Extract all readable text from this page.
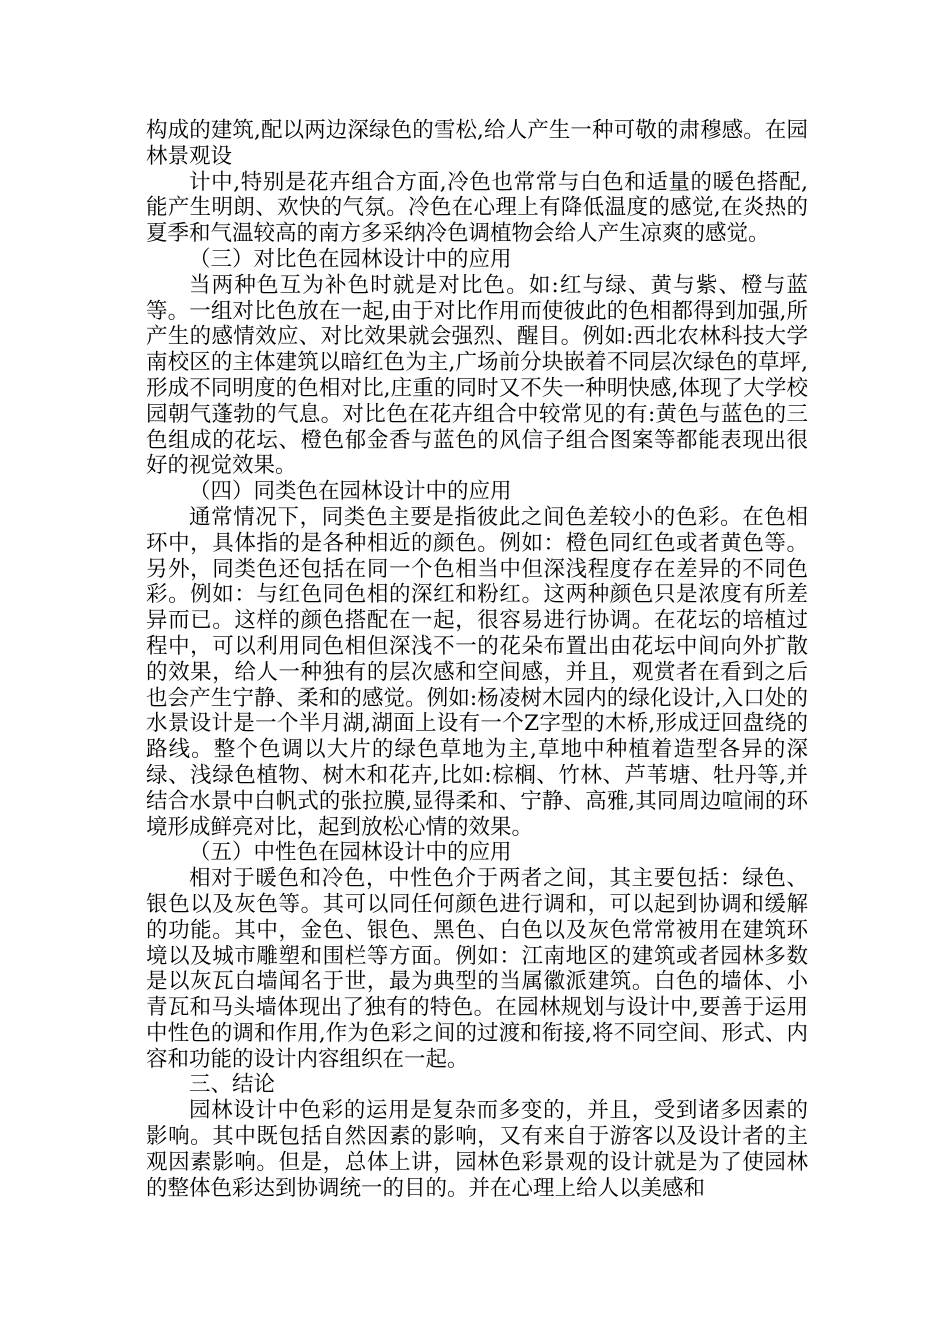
构成的建筑,配以两边深绿色的雪松,给人产生一种可敬的肃穆感。在园林景观设

计中,特别是花卉组合方面,冷色也常常与白色和适量的暖色搭配,能产生明朗、欢快的气氛。冷色在心理上有降低温度的感觉,在炎热的夏季和气温较高的南方多采纳冷色调植物会给人产生凉爽的感觉。

（三）对比色在园林设计中的应用

当两种色互为补色时就是对比色。如:红与绿、黄与紫、橙与蓝等。一组对比色放在一起,由于对比作用而使彼此的色相都得到加强,所产生的感情效应、对比效果就会强烈、醒目。例如:西北农林科技大学南校区的主体建筑以暗红色为主,广场前分块嵌着不同层次绿色的草坪,形成不同明度的色相对比,庄重的同时又不失一种明快感,体现了大学校园朝气蓬勃的气息。对比色在花卉组合中较常见的有:黄色与蓝色的三色组成的花坛、橙色郁金香与蓝色的风信子组合图案等都能表现出很好的视觉效果。

（四）同类色在园林设计中的应用

通常情况下，同类色主要是指彼此之间色差较小的色彩。在色相环中，具体指的是各种相近的颜色。例如：橙色同红色或者黄色等。另外，同类色还包括在同一个色相当中但深浅程度存在差异的不同色彩。例如：与红色同色相的深红和粉红。这两种颜色只是浓度有所差异而已。这样的颜色搭配在一起，很容易进行协调。在花坛的培植过程中，可以利用同色相但深浅不一的花朵布置出由花坛中间向外扩散的效果，给人一种独有的层次感和空间感，并且，观赏者在看到之后也会产生宁静、柔和的感觉。例如:杨凌树木园内的绿化设计,入口处的水景设计是一个半月湖,湖面上设有一个Z字型的木桥,形成迂回盘绕的路线。整个色调以大片的绿色草地为主,草地中种植着造型各异的深绿、浅绿色植物、树木和花卉,比如:棕榈、竹林、芦苇塘、牡丹等,并结合水景中白帆式的张拉膜,显得柔和、宁静、高雅,其同周边喧闹的环境形成鲜亮对比，起到放松心情的效果。

（五）中性色在园林设计中的应用

相对于暖色和冷色，中性色介于两者之间，其主要包括：绿色、银色以及灰色等。其可以同任何颜色进行调和，可以起到协调和缓解的功能。其中，金色、银色、黑色、白色以及灰色常常被用在建筑环境以及城市雕塑和围栏等方面。例如：江南地区的建筑或者园林多数是以灰瓦白墙闻名于世，最为典型的当属徽派建筑。白色的墙体、小青瓦和马头墙体现出了独有的特色。在园林规划与设计中,要善于运用中性色的调和作用,作为色彩之间的过渡和衔接,将不同空间、形式、内容和功能的设计内容组织在一起。

三、结论

园林设计中色彩的运用是复杂而多变的，并且，受到诸多因素的影响。其中既包括自然因素的影响，又有来自于游客以及设计者的主观因素影响。但是，总体上讲，园林色彩景观的设计就是为了使园林的整体色彩达到协调统一的目的。并在心理上给人以美感和
